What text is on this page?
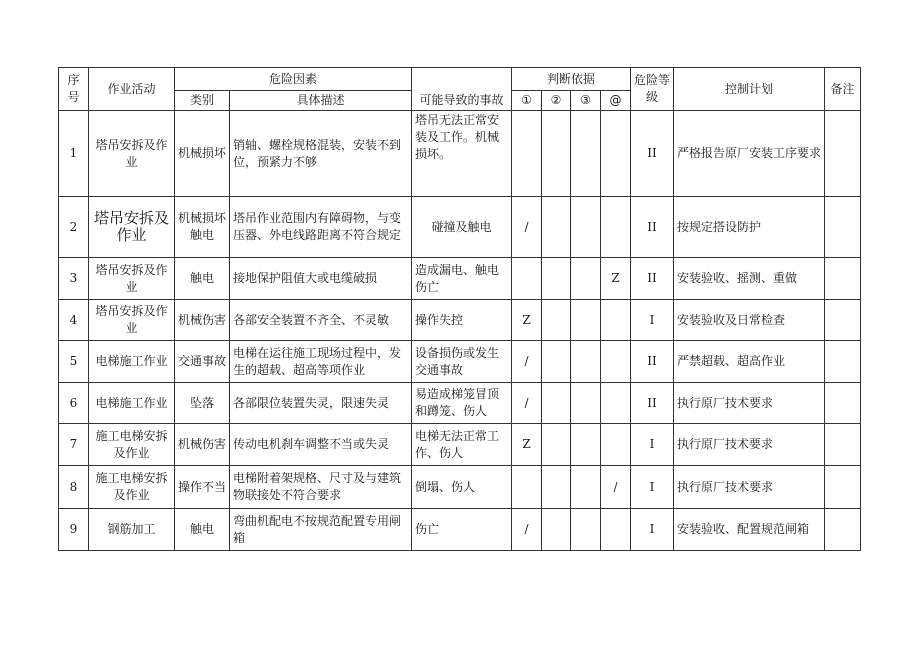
序号	作业活动	危险因素		可能导致的事故	判断依据				危险等级	控制计划	备注
		类别	具体描述		①	②	③	@			
1	塔吊安拆及作业	机械损坏	销轴、螺栓规格混装，安装不到位，预紧力不够	塔吊无法正常安装及工作。机械损坏。					II	严格报告原厂安装工序要求	
2	塔吊安拆及作业	机械损坏触电	塔吊作业范围内有障碍物，与变压器、外电线路距离不符合规定	碰撞及触电	/				II	按规定搭设防护	
3	塔吊安拆及作业	触电	接地保护阻值大或电缆破损	造成漏电、触电伤亡				Z	II	安装验收、摇测、重做	
4	塔吊安拆及作业	机械伤害	各部安全装置不齐全、不灵敏	操作失控	Z				I	安装验收及日常检查	
5	电梯施工作业	交通事故	电梯在运往施工现场过程中，发生的超载、超高等项作业	设备损伤或发生交通事故	/				II	严禁超载、超高作业	
6	电梯施工作业	坠落	各部限位装置失灵，限速失灵	易造成梯笼冒顶和蹲笼、伤人	/				II	执行原厂技术要求	
7	施工电梯安拆及作业	机械伤害	传动电机刹车调整不当或失灵	电梯无法正常工作、伤人	Z				I	执行原厂技术要求	
8	施工电梯安拆及作业	操作不当	电梯附着架规格、尺寸及与建筑物联接处不符合要求	倒塌、伤人				/	I	执行原厂技术要求	
9	钢筋加工	触电	弯曲机配电不按规范配置专用闸箱	伤亡	/				I	安装验收、配置规范闸箱	
